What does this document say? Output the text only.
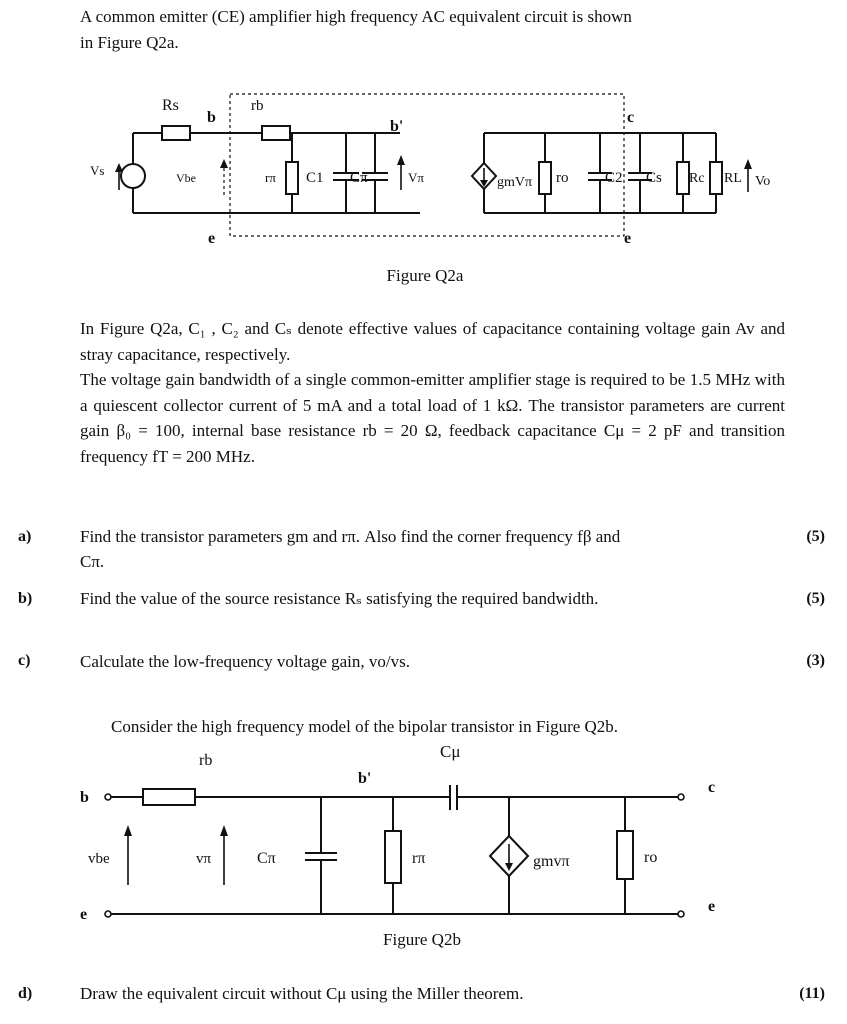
A common emitter (CE) amplifier high frequency AC equivalent circuit is shown
in Figure Q2a.
Rs
b
rb
b'
c
Vs	Vbe	rπ C1 Cπ	Vπ	gmVπ ro C2 Cs Rc RL Vo
e	e
Figure Q2a
In Figure Q2a, C₁ , C₂ and Cₛ denote effective values of capacitance containing voltage gain Av and stray capacitance, respectively.
The voltage gain bandwidth of a single common-emitter amplifier stage is required to be 1.5 MHz with a quiescent collector current of 5 mA and a total load of 1 kΩ. The transistor parameters are current gain β₀ = 100, internal base resistance rb = 20 Ω, feedback capacitance Cμ = 2 pF and transition frequency fT = 200 MHz.
a)	Find the transistor parameters gm and rπ. Also find the corner frequency fβ and
Cπ.
(5)
b)	Find the value of the source resistance Rₛ satisfying the required bandwidth.	(5)
c)	Calculate the low-frequency voltage gain, vo/vs.	(3)
Consider the high frequency model of the bipolar transistor in Figure Q2b.
rb	Cμ
b
b'
c
vbe	vπ	Cπ	rπ	gmvπ	ro
e	e
Figure Q2b
d)	Draw the equivalent circuit without Cμ using the Miller theorem.	(11)
